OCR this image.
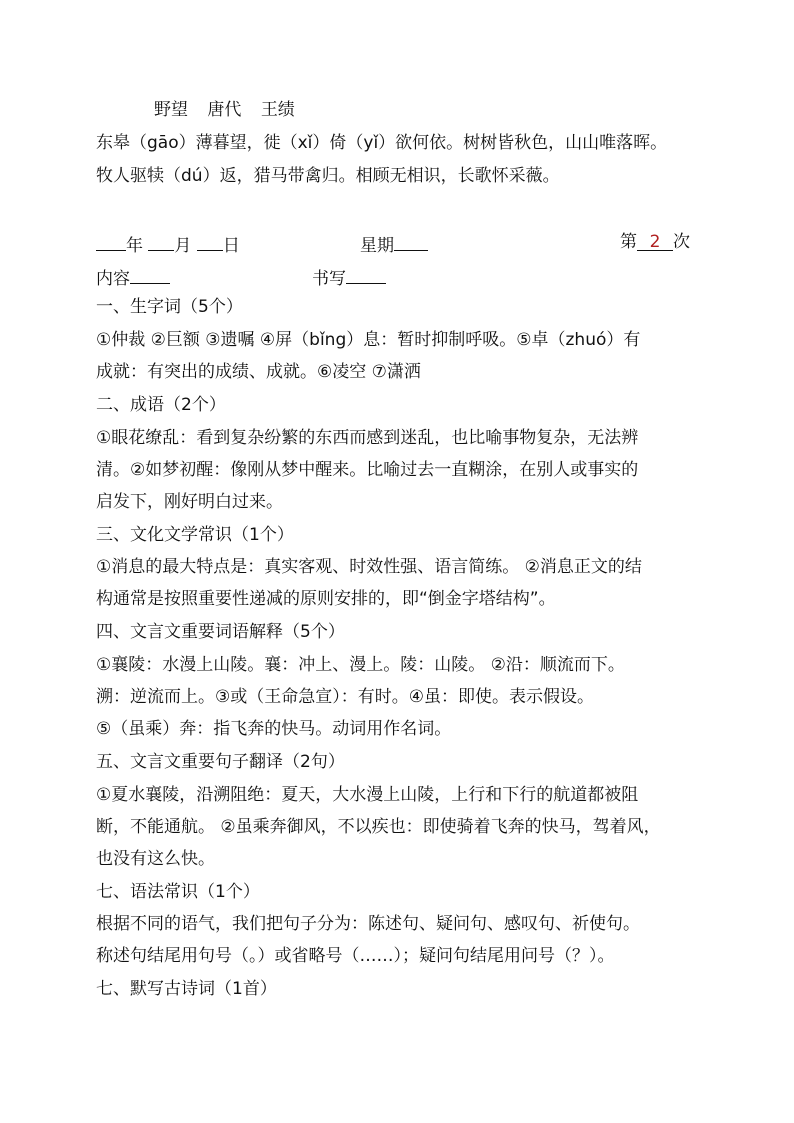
野望 唐代 王绩
东皋（gāo）薄暮望，徙（xǐ）倚（yǐ）欲何依。树树皆秋色，山山唯落晖。
牧人驱犊（dú）返，猎马带禽归。相顾无相识，长歌怀采薇。
年 月 日	星期	第 2 次
内容	书写
一、生字词（5个）
①仲裁 ②巨额 ③遗嘱 ④屏（bǐng）息：暂时抑制呼吸。⑤卓（zhuó）有
成就：有突出的成绩、成就。⑥凌空 ⑦潇洒
二、成语（2个）
①眼花缭乱：看到复杂纷繁的东西而感到迷乱，也比喻事物复杂，无法辨
清。②如梦初醒：像刚从梦中醒来。比喻过去一直糊涂，在别人或事实的
启发下，刚好明白过来。
三、文化文学常识（1个）
①消息的最大特点是：真实客观、时效性强、语言简练。 ②消息正文的结
构通常是按照重要性递减的原则安排的，即“倒金字塔结构”。
四、文言文重要词语解释（5个）
①襄陵：水漫上山陵。襄：冲上、漫上。陵：山陵。 ②沿：顺流而下。
溯：逆流而上。③或（王命急宣）：有时。④虽：即使。表示假设。
⑤（虽乘）奔：指飞奔的快马。动词用作名词。
五、文言文重要句子翻译（2句）
①夏水襄陵，沿溯阻绝：夏天，大水漫上山陵，上行和下行的航道都被阻
断，不能通航。 ②虽乘奔御风，不以疾也：即使骑着飞奔的快马，驾着风，
也没有这么快。
七、语法常识（1个）
根据不同的语气，我们把句子分为：陈述句、疑问句、感叹句、祈使句。
称述句结尾用句号（。）或省略号（……）；疑问句结尾用问号（？）。
七、默写古诗词（1首）
